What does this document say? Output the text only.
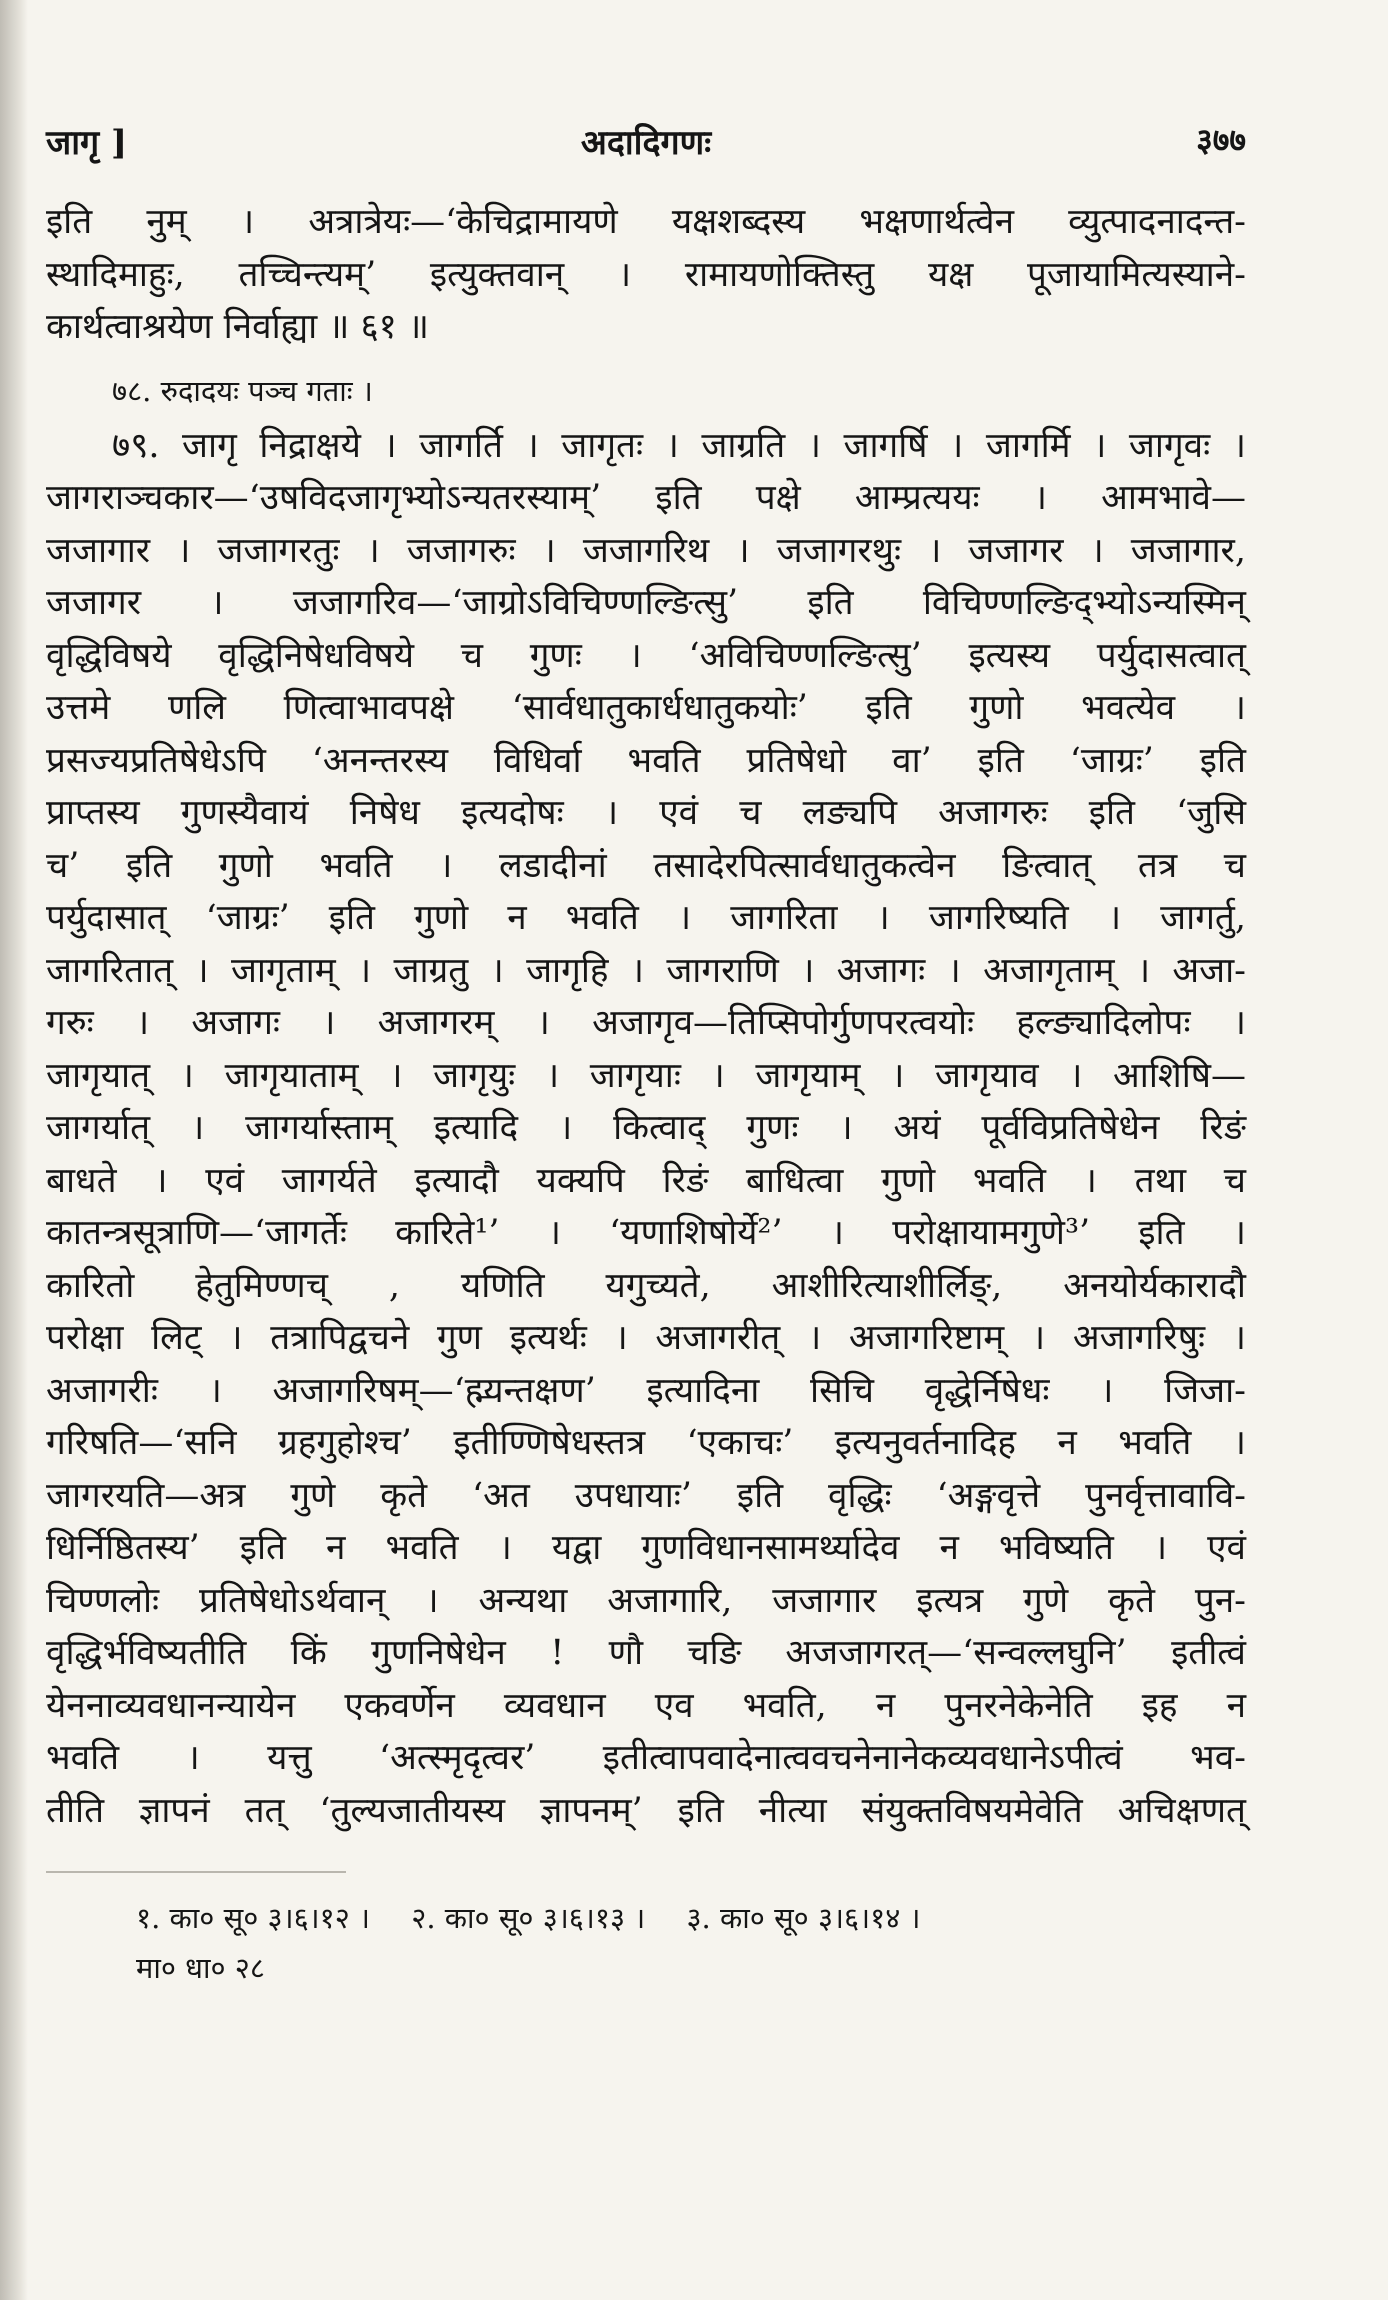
जागृ ]	अदादिगणः	३७७
इति नुम् । अत्रात्रेयः—‘केचिद्रामायणे यक्षशब्दस्य भक्षणार्थत्वेन व्युत्पादनादन्त-
स्थादिमाहुः, तच्चिन्त्यम्’ इत्युक्तवान् । रामायणोक्तिस्तु यक्ष पूजायामित्यस्याने-
कार्थत्वाश्रयेण निर्वाह्या ॥ ६१ ॥
७८. रुदादयः पञ्च गताः ।
७९. जागृ निद्राक्षये । जागर्ति । जागृतः । जाग्रति । जागर्षि । जागर्मि । जागृवः ।
जागराञ्चकार—‘उषविदजागृभ्योऽन्यतरस्याम्’ इति पक्षे आम्प्रत्ययः । आमभावे—
जजागार । जजागरतुः । जजागरुः । जजागरिथ । जजागरथुः । जजागर । जजागार,
जजागर । जजागरिव—‘जाग्रोऽविचिण्णल्ङित्सु’ इति विचिण्णल्ङिद्भ्योऽन्यस्मिन्
वृद्धिविषये वृद्धिनिषेधविषये च गुणः । ‘अविचिण्णल्ङित्सु’ इत्यस्य पर्युदासत्वात्
उत्तमे णलि णित्वाभावपक्षे ‘सार्वधातुकार्धधातुकयोः’ इति गुणो भवत्येव ।
प्रसज्यप्रतिषेधेऽपि ‘अनन्तरस्य विधिर्वा भवति प्रतिषेधो वा’ इति ‘जाग्रः’ इति
प्राप्तस्य गुणस्यैवायं निषेध इत्यदोषः । एवं च लङ्यपि अजागरुः इति ‘जुसि
च’ इति गुणो भवति । लडादीनां तसादेरपित्सार्वधातुकत्वेन ङित्वात् तत्र च
पर्युदासात् ‘जाग्रः’ इति गुणो न भवति । जागरिता । जागरिष्यति । जागर्तु,
जागरितात् । जागृताम् । जाग्रतु । जागृहि । जागराणि । अजागः । अजागृताम् । अजा-
गरुः । अजागः । अजागरम् । अजागृव—तिप्सिपोर्गुणपरत्वयोः हल्ङ्यादिलोपः ।
जागृयात् । जागृयाताम् । जागृयुः । जागृयाः । जागृयाम् । जागृयाव । आशिषि—
जागर्यात् । जागर्यास्ताम् इत्यादि । कित्वाद् गुणः । अयं पूर्वविप्रतिषेधेन रिङं
बाधते । एवं जागर्यते इत्यादौ यक्यपि रिङं बाधित्वा गुणो भवति । तथा च
कातन्त्रसूत्राणि—‘जागर्तेः कारिते¹’ । ‘यणाशिषोर्ये²’ । परोक्षायामगुणे³’ इति ।
कारितो हेतुमिण्णच् , यणिति यगुच्यते, आशीरित्याशीर्लिङ्, अनयोर्यकारादौ
परोक्षा लिट् । तत्रापिद्वचने गुण इत्यर्थः । अजागरीत् । अजागरिष्टाम् । अजागरिषुः ।
अजागरीः । अजागरिषम्—‘ह्म्यन्तक्षण’ इत्यादिना सिचि वृद्धेर्निषेधः । जिजा-
गरिषति—‘सनि ग्रहगुहोश्च’ इतीण्णिषेधस्तत्र ‘एकाचः’ इत्यनुवर्तनादिह न भवति ।
जागरयति—अत्र गुणे कृते ‘अत उपधायाः’ इति वृद्धिः ‘अङ्गवृत्ते पुनर्वृत्तावावि-
धिर्निष्ठितस्य’ इति न भवति । यद्वा गुणविधानसामर्थ्यादेव न भविष्यति । एवं
चिण्णलोः प्रतिषेधोऽर्थवान् । अन्यथा अजागारि, जजागार इत्यत्र गुणे कृते पुन-
वृद्धिर्भविष्यतीति किं गुणनिषेधेन ! णौ चङि अजजागरत्—‘सन्वल्लघुनि’ इतीत्वं
येननाव्यवधानन्यायेन एकवर्णेन व्यवधान एव भवति, न पुनरनेकेनेति इह न
भवति । यत्तु ‘अत्स्मृदृत्वर’ इतीत्वापवादेनात्ववचनेनानेकव्यवधानेऽपीत्वं भव-
तीति ज्ञापनं तत् ‘तुल्यजातीयस्य ज्ञापनम्’ इति नीत्या संयुक्तविषयमेवेति अचिक्षणत्
१. का० सू० ३।६।१२ । २. का० सू० ३।६।१३ । ३. का० सू० ३।६।१४ ।
मा० धा० २८
